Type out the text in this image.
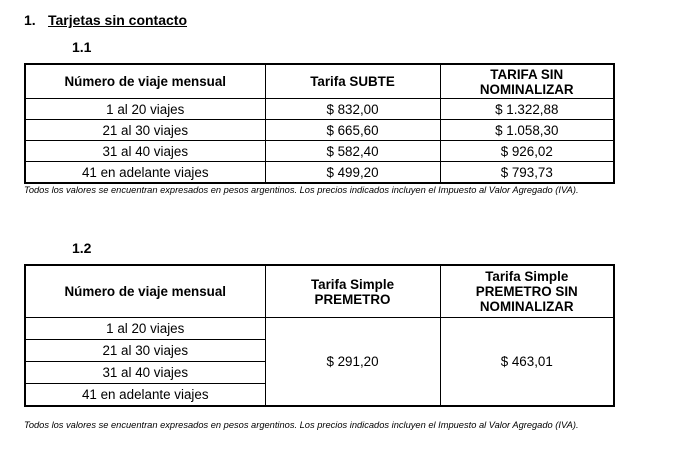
1. Tarjetas sin contacto
1.1
Número de viaje mensual	Tarifa SUBTE	TARIFA SIN NOMINALIZAR
1 al 20 viajes	$ 832,00	$ 1.322,88
21 al 30 viajes	$ 665,60	$ 1.058,30
31 al 40 viajes	$ 582,40	$ 926,02
41 en adelante viajes	$ 499,20	$ 793,73
Todos los valores se encuentran expresados en pesos argentinos. Los precios indicados incluyen el Impuesto al Valor Agregado (IVA).
1.2
Número de viaje mensual	Tarifa Simple PREMETRO	Tarifa Simple PREMETRO SIN NOMINALIZAR
1 al 20 viajes	$ 291,20	$ 463,01
21 al 30 viajes		
31 al 40 viajes		
41 en adelante viajes		
Todos los valores se encuentran expresados en pesos argentinos. Los precios indicados incluyen el Impuesto al Valor Agregado (IVA).
